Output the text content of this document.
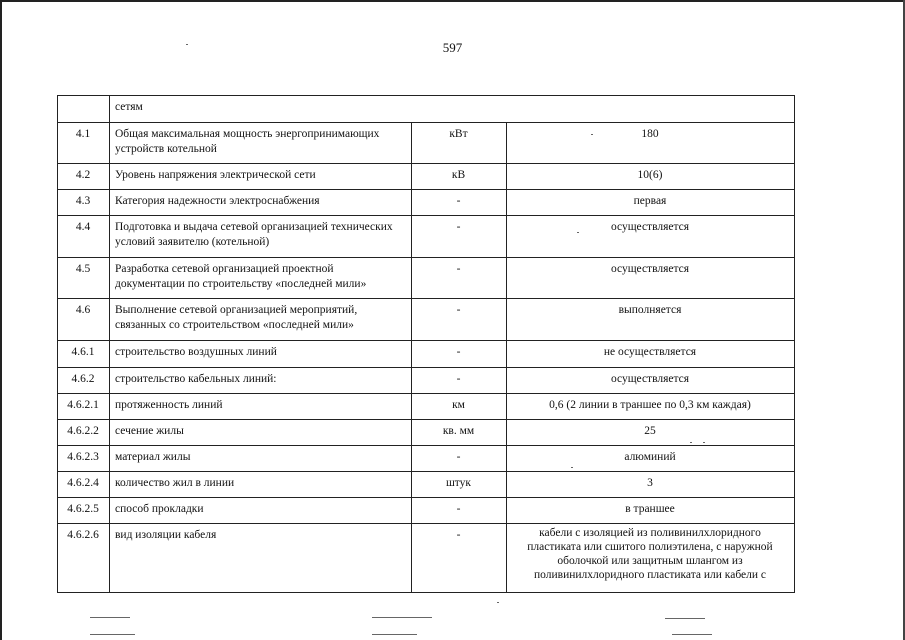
597
	сетям		
4.1	Общая максимальная мощность энергопринимающих устройств котельной	кВт	180
4.2	Уровень напряжения электрической сети	кВ	10(6)
4.3	Категория надежности электроснабжения	-	первая
4.4	Подготовка и выдача сетевой организацией технических условий заявителю (котельной)	-	осуществляется
4.5	Разработка сетевой организацией проектной документации по строительству «последней мили»	-	осуществляется
4.6	Выполнение сетевой организацией мероприятий, связанных со строительством «последней мили»	-	выполняется
4.6.1	строительство воздушных линий	-	не осуществляется
4.6.2	строительство кабельных линий:	-	осуществляется
4.6.2.1	протяженность линий	км	0,6 (2 линии в траншее по 0,3 км каждая)
4.6.2.2	сечение жилы	кв. мм	25
4.6.2.3	материал жилы	-	алюминий
4.6.2.4	количество жил в линии	штук	3
4.6.2.5	способ прокладки	-	в траншее
4.6.2.6	вид изоляции кабеля	-	кабели с изоляцией из поливинилхлоридного пластиката или сшитого полиэтилена, с наружной оболочкой или защитным шлангом из поливинилхлоридного пластиката или кабели с
